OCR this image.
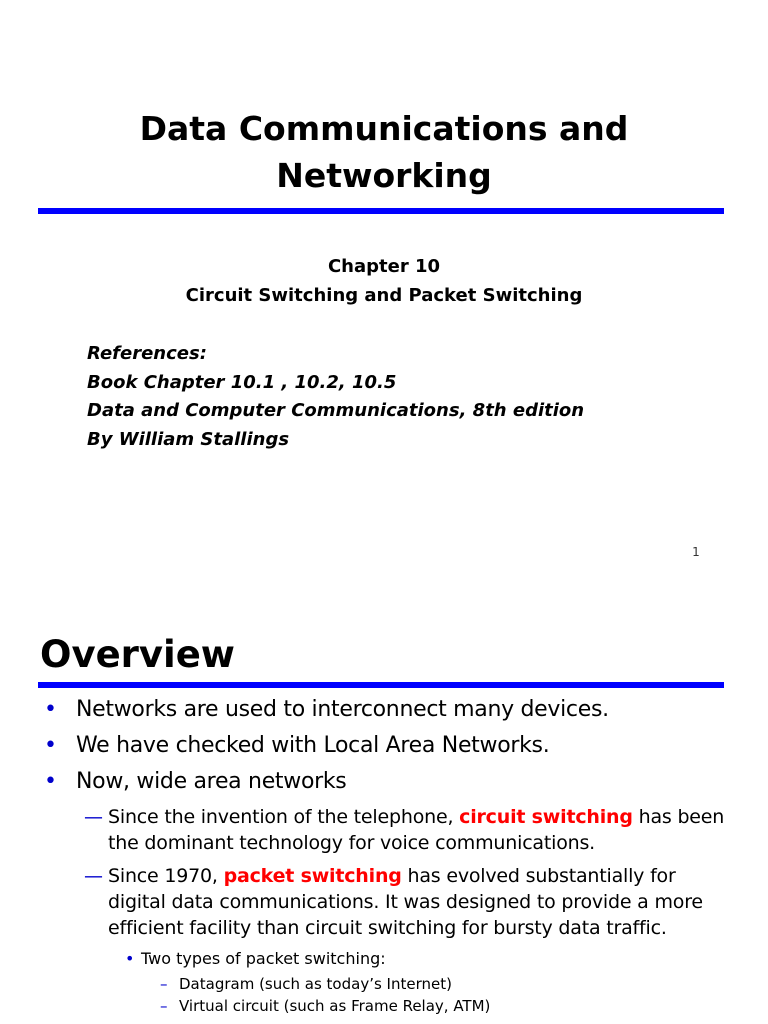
Data Communications and
Networking
Chapter 10
Circuit Switching and Packet Switching
References:
Book Chapter 10.1 , 10.2, 10.5
Data and Computer Communications, 8th edition
By William Stallings
1
Overview
• Networks are used to interconnect many devices.
• We have checked with Local Area Networks.
• Now, wide area networks
— Since the invention of the telephone, circuit switching has been the dominant technology for voice communications.
— Since 1970, packet switching has evolved substantially for digital data communications. It was designed to provide a more efficient facility than circuit switching for bursty data traffic.
• Two types of packet switching:
– Datagram (such as today’s Internet)
– Virtual circuit (such as Frame Relay, ATM)
